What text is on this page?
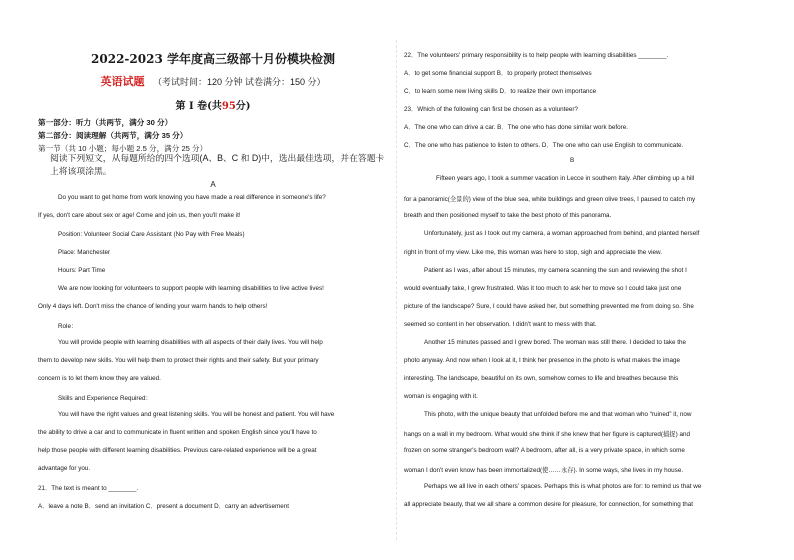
2022-2023 学年度高三级部十月份模块检测
英语试题 （考试时间：120 分钟 试卷满分：150 分）
第 Ⅰ 卷(共95分)
第一部分：听力（共两节，满分 30 分）
第二部分：阅读理解（共两节，满分 35 分）
第一节（共 10 小题；每小题 2.5 分，满分 25 分）
阅读下列短文，从每题所给的四个选项(A、B、C 和 D)中，选出最佳选项，并在答题卡上将该项涂黑。
A
Do you want to get home from work knowing you have made a real difference in someone's life?
If yes, don't care about sex or age! Come and join us, then you'll make it!
Position: Volunteer Social Care Assistant (No Pay with Free Meals)
Place: Manchester
Hours: Part Time
We are now looking for volunteers to support people with learning disabilities to live active lives!
Only 4 days left. Don't miss the chance of lending your warm hands to help others!
Role：
You will provide people with learning disabilities with all aspects of their daily lives. You will help
them to develop new skills. You will help them to protect their rights and their safety. But your primary
concern is to let them know they are valued.
Skills and Experience Required：
You will have the right values and great listening skills. You will be honest and patient. You will have
the ability to drive a car and to communicate in fluent written and spoken English since you'll have to
help those people with different learning disabilities. Previous care-related experience will be a great
advantage for you.
21．The text is meant to ________.
A．leave a note B．send an invitation C．present a document D．carry an advertisement
22．The volunteers' primary responsibility is to help people with learning disabilities ________.
A．to get some financial support B．to properly protect themselves
C．to learn some new living skills D．to realize their own importance
23．Which of the following can first be chosen as a volunteer?
A．The one who can drive a car. B．The one who has done similar work before.
C．The one who has patience to listen to others. D．The one who can use English to communicate.
B
Fifteen years ago, I took a summer vacation in Lecce in southern Italy. After climbing up a hill
for a panoramic(全景的) view of the blue sea, white buildings and green olive trees, I paused to catch my
breath and then positioned myself to take the best photo of this panorama.
Unfortunately, just as I took out my camera, a woman approached from behind, and planted herself
right in front of my view. Like me, this woman was here to stop, sigh and appreciate the view.
Patient as I was, after about 15 minutes, my camera scanning the sun and reviewing the shot I
would eventually take, I grew frustrated. Was it too much to ask her to move so I could take just one
picture of the landscape? Sure, I could have asked her, but something prevented me from doing so. She
seemed so content in her observation. I didn't want to mess with that.
Another 15 minutes passed and I grew bored. The woman was still there. I decided to take the
photo anyway. And now when I look at it, I think her presence in the photo is what makes the image
interesting. The landscape, beautiful on its own, somehow comes to life and breathes because this
woman is engaging with it.
This photo, with the unique beauty that unfolded before me and that woman who “ruined” it, now
hangs on a wall in my bedroom. What would she think if she knew that her figure is captured(捕捉) and
frozen on some stranger's bedroom wall? A bedroom, after all, is a very private space, in which some
woman I don't even know has been immortalized(使……永存). In some ways, she lives in my house.
Perhaps we all live in each others' spaces. Perhaps this is what photos are for: to remind us that we
all appreciate beauty, that we all share a common desire for pleasure, for connection, for something that
